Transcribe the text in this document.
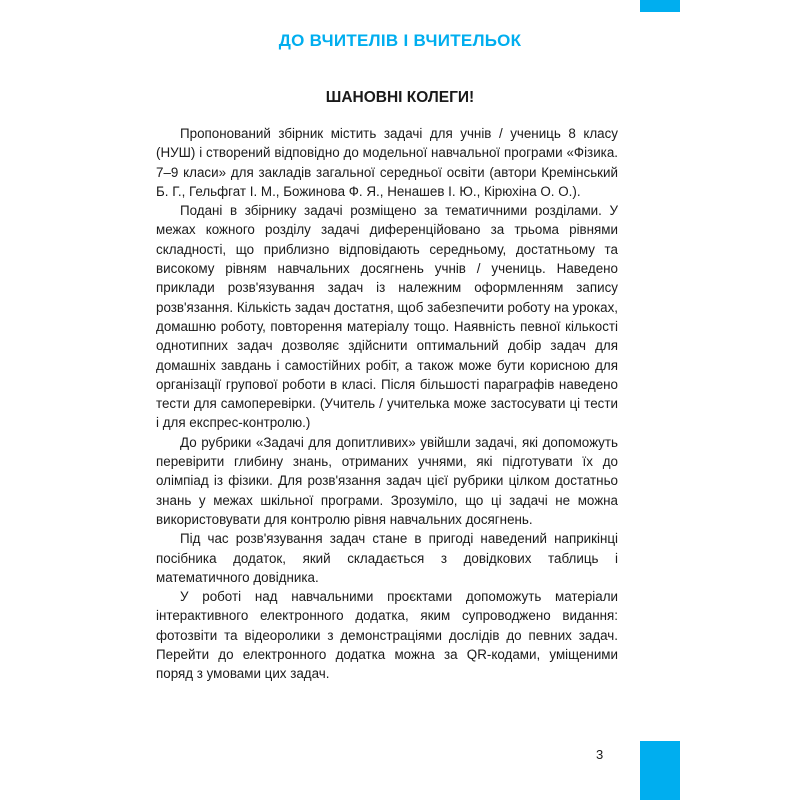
ДО ВЧИТЕЛІВ І ВЧИТЕЛЬОК
ШАНОВНІ КОЛЕГИ!

Пропонований збірник містить задачі для учнів / учениць 8 класу (НУШ) і створений відповідно до модельної навчальної програми «Фізика. 7–9 класи» для закладів загальної середньої освіти (автори Кремінський Б. Г., Гельфгат І. М., Божинова Ф. Я., Ненашев І. Ю., Кірюхіна О. О.).

Подані в збірнику задачі розміщено за тематичними розділами. У межах кожного розділу задачі диференційовано за трьома рівнями складності, що приблизно відповідають середньому, достатньому та високому рівням навчальних досягнень учнів / учениць. Наведено приклади розв'язування задач із належним оформленням запису розв'язання. Кількість задач достатня, щоб забезпечити роботу на уроках, домашню роботу, повторення матеріалу тощо. Наявність певної кількості однотипних задач дозволяє здійснити оптимальний добір задач для домашніх завдань і самостійних робіт, а також може бути корисною для організації групової роботи в класі. Після більшості параграфів наведено тести для самоперевірки. (Учитель / учителька може застосувати ці тести і для експрес-контролю.)

До рубрики «Задачі для допитливих» увійшли задачі, які допоможуть перевірити глибину знань, отриманих учнями, які підготувати їх до олімпіад із фізики. Для розв'язання задач цієї рубрики цілком достатньо знань у межах шкільної програми. Зрозуміло, що ці задачі не можна використовувати для контролю рівня навчальних досягнень.

Під час розв'язування задач стане в пригоді наведений наприкінці посібника додаток, який складається з довідкових таблиць і математичного довідника.

У роботі над навчальними проєктами допоможуть матеріали інтерактивного електронного додатка, яким супроводжено видання: фотозвіти та відеоролики з демонстраціями дослідів до певних задач. Перейти до електронного додатка можна за QR-кодами, уміщеними поряд з умовами цих задач.

3
